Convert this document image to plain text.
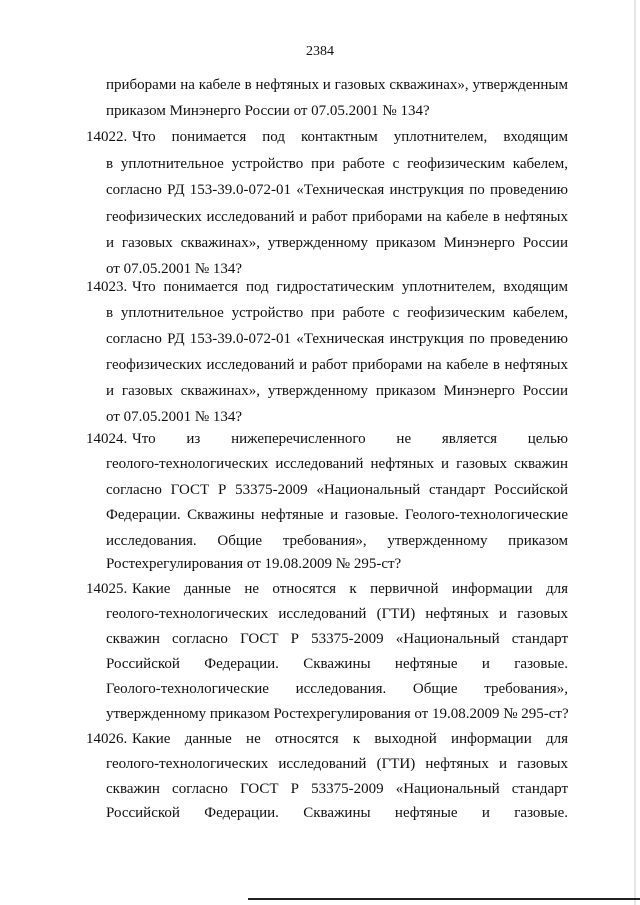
2384
приборами на кабеле в нефтяных и газовых скважинах», утвержденным
приказом Минэнерго России от 07.05.2001 № 134?
14022. Что понимается под контактным уплотнителем, входящим
в уплотнительное устройство при работе с геофизическим кабелем,
согласно РД 153-39.0-072-01 «Техническая инструкция по проведению
геофизических исследований и работ приборами на кабеле в нефтяных
и газовых скважинах», утвержденному приказом Минэнерго России
от 07.05.2001 № 134?
14023. Что понимается под гидростатическим уплотнителем, входящим
в уплотнительное устройство при работе с геофизическим кабелем,
согласно РД 153-39.0-072-01 «Техническая инструкция по проведению
геофизических исследований и работ приборами на кабеле в нефтяных
и газовых скважинах», утвержденному приказом Минэнерго России
от 07.05.2001 № 134?
14024. Что из нижеперечисленного не является целью
геолого-технологических исследований нефтяных и газовых скважин
согласно ГОСТ Р 53375-2009 «Национальный стандарт Российской
Федерации. Скважины нефтяные и газовые. Геолого-технологические
исследования. Общие требования», утвержденному приказом
Ростехрегулирования от 19.08.2009 № 295-ст?
14025. Какие данные не относятся к первичной информации для
геолого-технологических исследований (ГТИ) нефтяных и газовых
скважин согласно ГОСТ Р 53375-2009 «Национальный стандарт
Российской Федерации. Скважины нефтяные и газовые.
Геолого-технологические исследования. Общие требования»,
утвержденному приказом Ростехрегулирования от 19.08.2009 № 295-ст?
14026. Какие данные не относятся к выходной информации для
геолого-технологических исследований (ГТИ) нефтяных и газовых
скважин согласно ГОСТ Р 53375-2009 «Национальный стандарт
Российской Федерации. Скважины нефтяные и газовые.
